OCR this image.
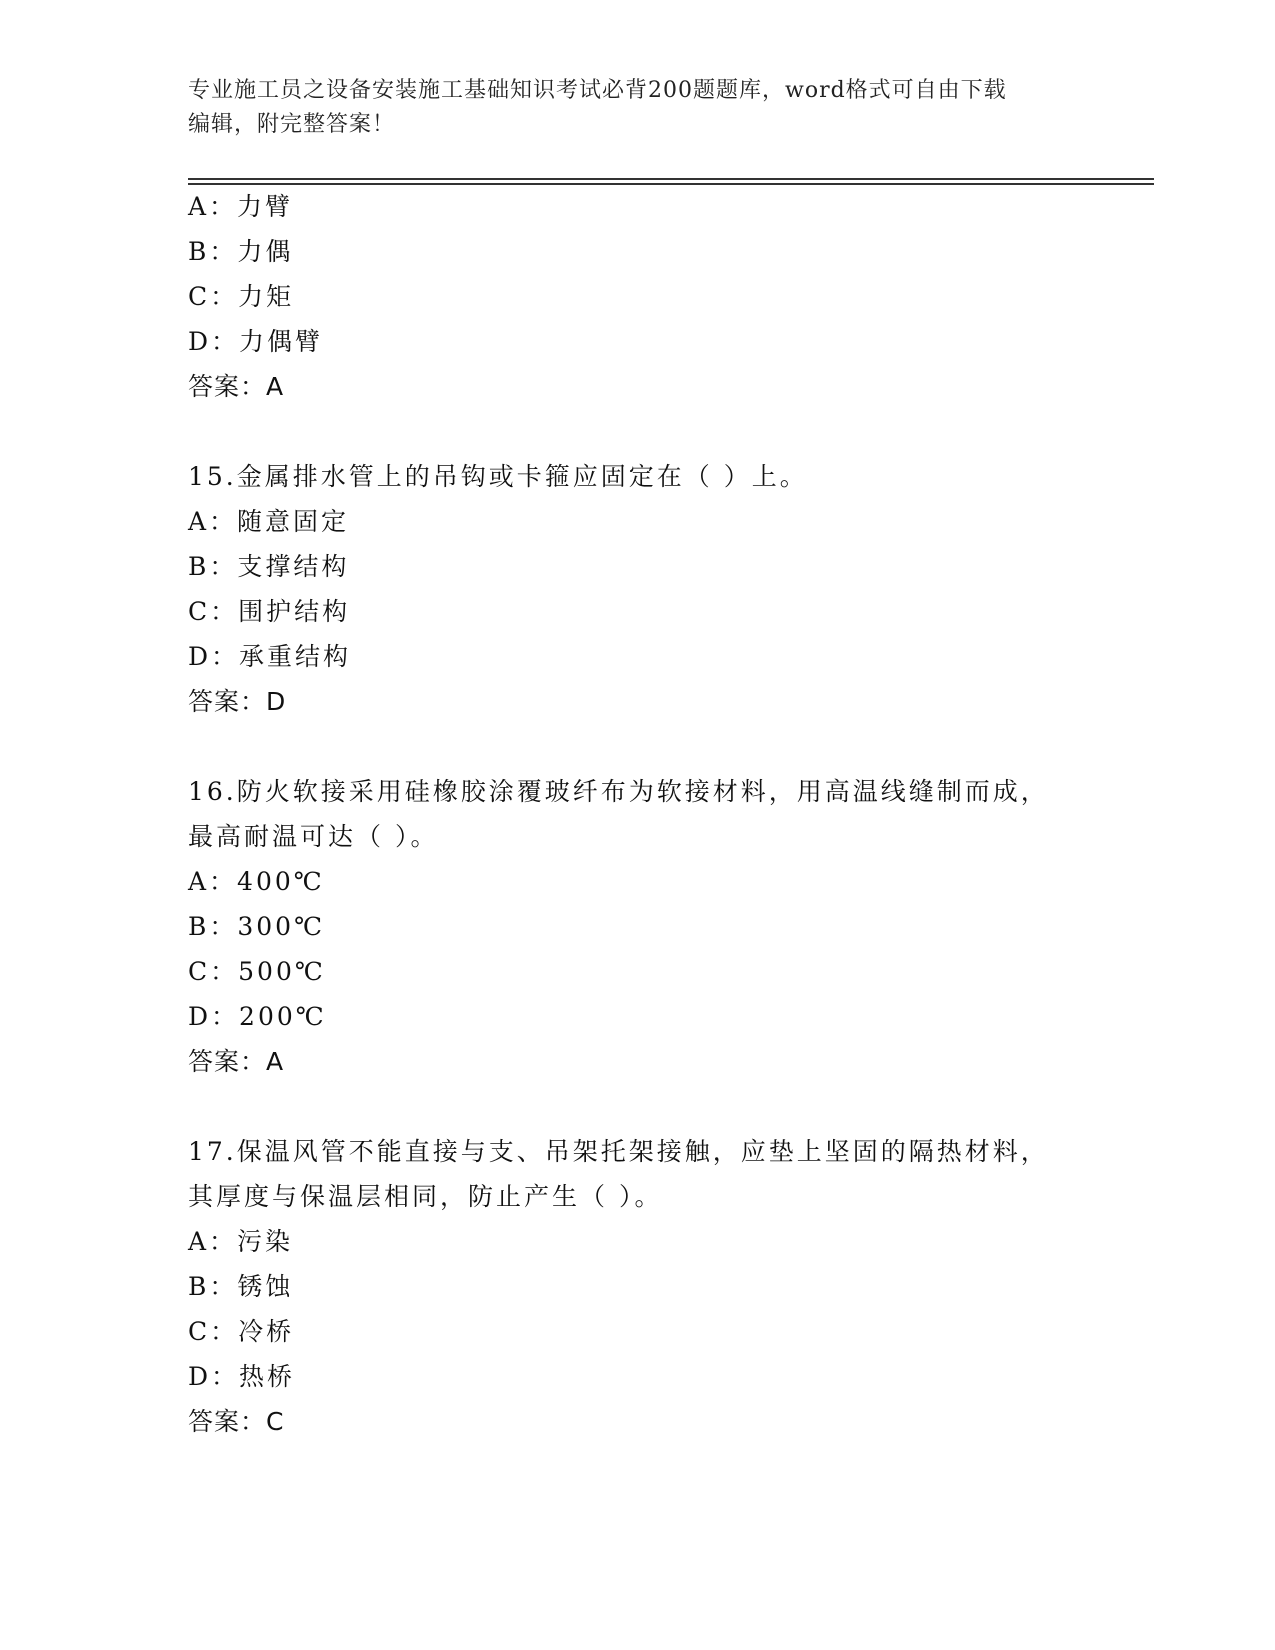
专业施工员之设备安装施工基础知识考试必背200题题库，word格式可自由下载
编辑，附完整答案！
A：力臂
B：力偶
C：力矩
D：力偶臂
答案：A
15.金属排水管上的吊钩或卡箍应固定在（ ）上。
A：随意固定
B：支撑结构
C：围护结构
D：承重结构
答案：D
16.防火软接采用硅橡胶涂覆玻纤布为软接材料，用高温线缝制而成，
最高耐温可达（ ）。
A：400℃
B：300℃
C：500℃
D：200℃
答案：A
17.保温风管不能直接与支、吊架托架接触，应垫上坚固的隔热材料，
其厚度与保温层相同，防止产生（ ）。
A：污染
B：锈蚀
C：冷桥
D：热桥
答案：C
